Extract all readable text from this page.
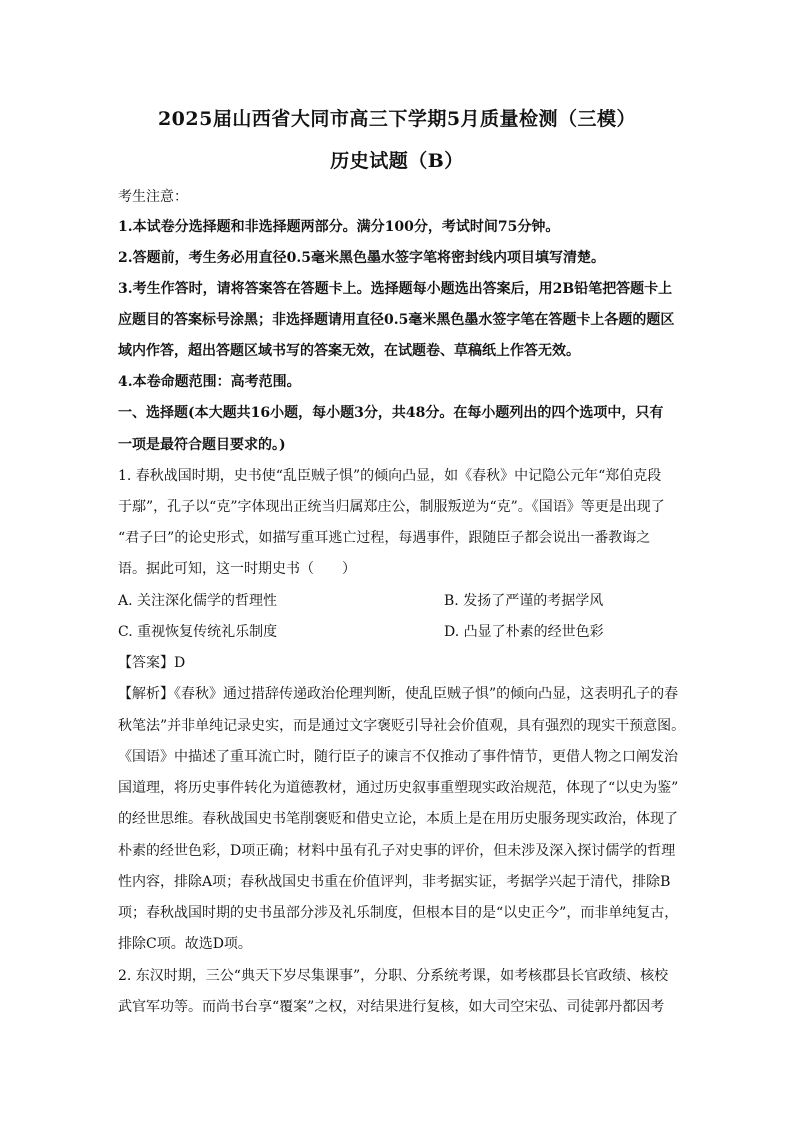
2025届山西省大同市高三下学期5月质量检测（三模）
历史试题（B）
考生注意：
1.本试卷分选择题和非选择题两部分。满分100分，考试时间75分钟。
2.答题前，考生务必用直径0.5毫米黑色墨水签字笔将密封线内项目填写清楚。
3.考生作答时，请将答案答在答题卡上。选择题每小题选出答案后，用2B铅笔把答题卡上
应题目的答案标号涂黑；非选择题请用直径0.5毫米黑色墨水签字笔在答题卡上各题的题区
域内作答，超出答题区域书写的答案无效，在试题卷、草稿纸上作答无效。
4.本卷命题范围：高考范围。
一、选择题(本大题共16小题，每小题3分，共48分。在每小题列出的四个选项中，只有
一项是最符合题目要求的。)
1. 春秋战国时期，史书使“乱臣贼子惧”的倾向凸显，如《春秋》中记隐公元年“郑伯克段
于鄢”，孔子以“克”字体现出正统当归属郑庄公，制服叛逆为“克”。《国语》等更是出现了
“君子曰”的论史形式，如描写重耳逃亡过程，每遇事件，跟随臣子都会说出一番教诲之
语。据此可知，这一时期史书（　　）
A. 关注深化儒学的哲理性	B. 发扬了严谨的考据学风
C. 重视恢复传统礼乐制度	D. 凸显了朴素的经世色彩
【答案】D
【解析】《春秋》通过措辞传递政治伦理判断，使乱臣贼子惧”的倾向凸显，这表明孔子的春
秋笔法”并非单纯记录史实，而是通过文字褒贬引导社会价值观，具有强烈的现实干预意图。
《国语》中描述了重耳流亡时，随行臣子的谏言不仅推动了事件情节，更借人物之口阐发治
国道理，将历史事件转化为道德教材，通过历史叙事重塑现实政治规范，体现了“以史为鉴”
的经世思维。春秋战国史书笔削褒贬和借史立论，本质上是在用历史服务现实政治，体现了
朴素的经世色彩，D项正确；材料中虽有孔子对史事的评价，但未涉及深入探讨儒学的哲理
性内容，排除A项；春秋战国史书重在价值评判，非考据实证，考据学兴起于清代，排除B
项；春秋战国时期的史书虽部分涉及礼乐制度，但根本目的是“以史正今”，而非单纯复古，
排除C项。故选D项。
2. 东汉时期，三公“典天下岁尽集课事”，分职、分系统考课，如考核郡县长官政绩、核校
武官军功等。而尚书台享“覆案”之权，对结果进行复核，如大司空宋弘、司徒郭丹都因考
